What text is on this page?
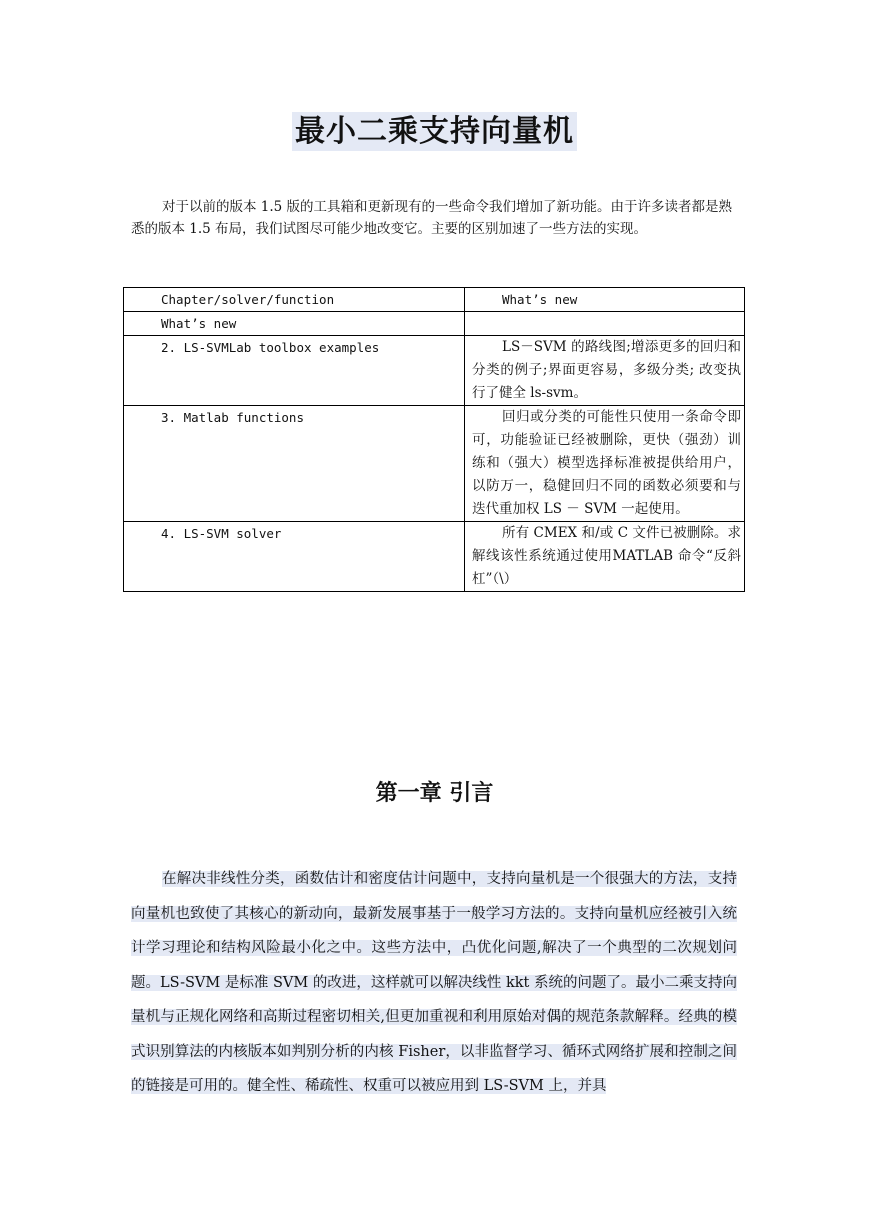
最小二乘支持向量机

对于以前的版本 1.5 版的工具箱和更新现有的一些命令我们增加了新功能。由于许多读者都是熟悉的版本 1.5 布局，我们试图尽可能少地改变它。主要的区别加速了一些方法的实现。

Chapter/solver/function	What’s new
What’s new	
2. LS-SVMLab toolbox examples	LS－SVM 的路线图;增添更多的回归和分类的例子;界面更容易，多级分类; 改变执行了健全 ls-svm。
3. Matlab functions	回归或分类的可能性只使用一条命令即可，功能验证已经被删除，更快（强劲）训练和（强大）模型选择标准被提供给用户，以防万一，稳健回归不同的函数必须要和与迭代重加权 LS － SVM 一起使用。
4. LS-SVM solver	所有 CMEX 和/或 C 文件已被删除。求解线该性系统通过使用MATLAB 命令“反斜杠”（\）
第一章 引言

在解决非线性分类，函数估计和密度估计问题中，支持向量机是一个很强大的方法，支持向量机也致使了其核心的新动向，最新发展事基于一般学习方法的。支持向量机应经被引入统计学习理论和结构风险最小化之中。这些方法中，凸优化问题,解决了一个典型的二次规划问题。LS-SVM 是标准 SVM 的改进，这样就可以解决线性 kkt 系统的问题了。最小二乘支持向量机与正规化网络和高斯过程密切相关,但更加重视和利用原始对偶的规范条款解释。经典的模式识别算法的内核版本如判别分析的内核 Fisher，以非监督学习、循环式网络扩展和控制之间的链接是可用的。健全性、稀疏性、权重可以被应用到 LS-SVM 上，并具
